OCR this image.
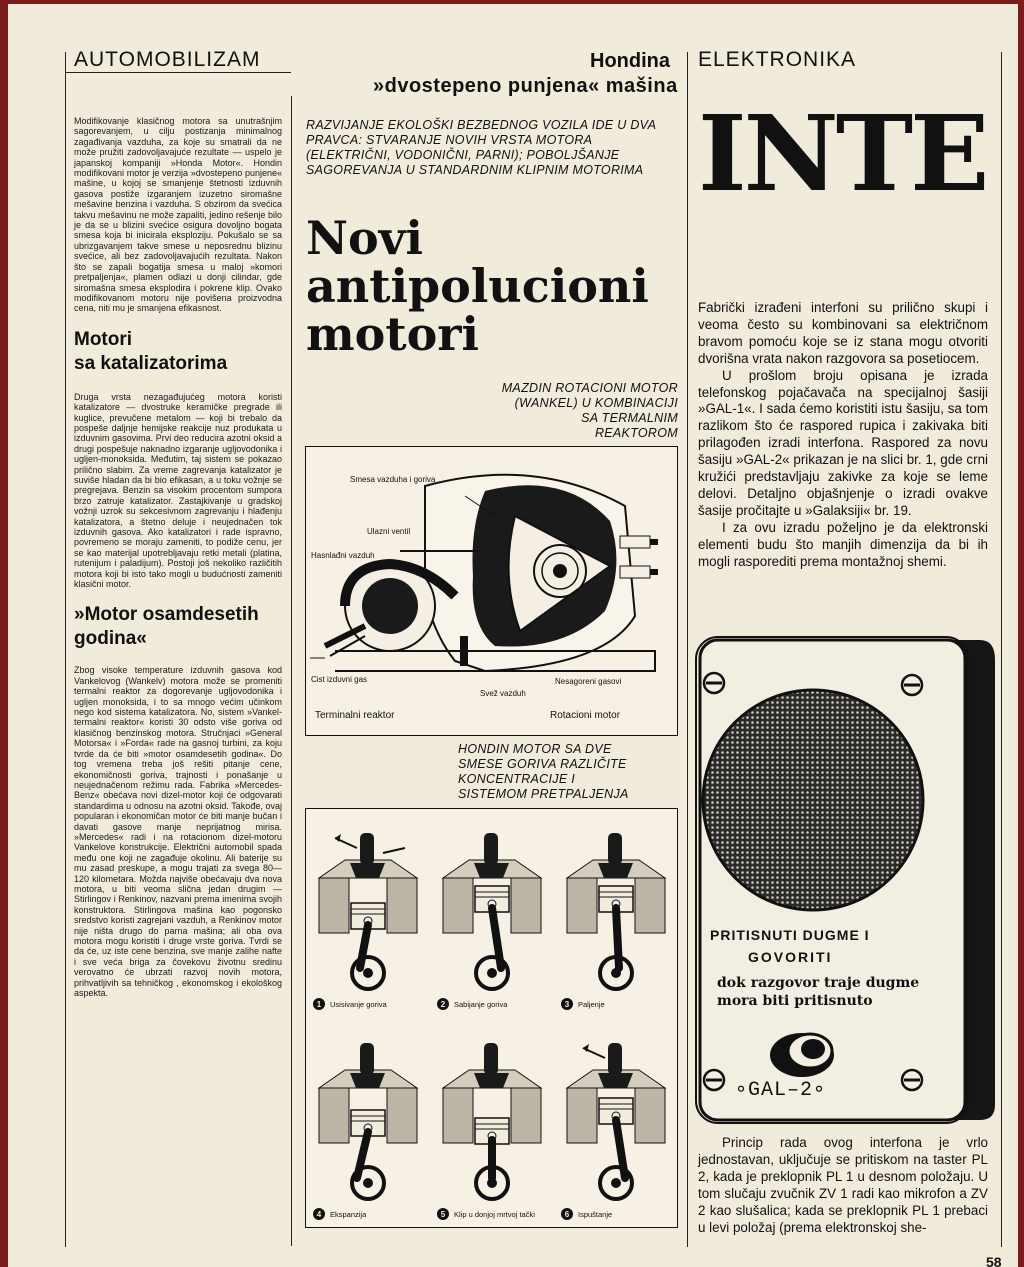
AUTOMOBILIZAM	Hondina
»dvostepeno punjena« mašina
ELEKTRONIKA

Modifikovanje klasičnog motora sa unutrašnjim sagorevanjem, u cilju postizanja minimalnog zagađivanja vazduha, za koje su smatrali da ne može pružiti zadovoljavajuće rezultate — uspelo je japanskoj kompaniji »Honda Motor«. Hondin modifikovani motor je verzija »dvostepeno punjene« mašine, u kojoj se smanjenje štetnosti izduvnih gasova postiže izgaranjem izuzetno siromašne mešavine benzina i vazduha. S obzirom da svećica takvu mešavinu ne može zapaliti, jedino rešenje bilo je da se u blizini svećice osigura dovoljno bogata smesa koja bi inicirala eksploziju. Pokušalo se sa ubrizgavanjem takve smese u neposrednu blizinu svećice, ali bez zadovoljavajućih rezultata. Nakon što se zapali bogatija smesa u maloj »komori pretpaljenja«, plamen odlazi u donji cilindar, gde siromašna smesa eksplodira i pokrene klip. Ovako modifikovanom motoru nije povišena proizvodna cena, niti mu je smanjena efikasnost.

Motori
sa katalizatorima

Druga vrsta nezagađujućeg motora koristi katalizatore — dvostruke keramičke pregrade ili kuglice, prevučene metalom — koji bi trebalo da pospeše daljnje hemijske reakcije nuz produkata u izduvnim gasovima. Prvi deo reducira azotni oksid a drugi pospešuje naknadno izgaranje ugljovodonika i ugljen-monoksida. Međutim, taj sistem se pokazao prilično slabim. Za vreme zagrevanja katalizator je suviše hladan da bi bio efikasan, a u toku vožnje se pregrejava. Benzin sa visokim procentom sumpora brzo zatruje katalizator. Zastajkivanje u gradskoj vožnji uzrok su sekcesivnom zagrevanju i hlađenju katalizatora, a štetno deluje i neujednačen tok izduvnih gasova. Ako katalizatori i rade ispravno, povremeno se moraju zameniti, to podiže cenu, jer se kao materijal upotrebljavaju retki metali (platina, rutenijum i paladijum). Postoji još nekoliko različitih motora koji bi isto tako mogli u budućnosti zameniti klasični motor.

»Motor osamdesetih
godina«

Zbog visoke temperature izduvnih gasova kod Vankelovog (Wankelv) motora može se promeniti termalni reaktor za dogorevanje ugljovodonika i ugljen monoksida, i to sa mnogo većim učinkom nego kod sistema katalizatora. No, sistem »Vankel-termalni reaktor« koristi 30 odsto više goriva od klasičnog benzinskog motora. Stručnjaci »General Motorsa« i »Forda« rade na gasnoj turbini, za koju tvrde da će biti »motor osamdesetih godina«. Do tog vremena treba još rešiti pitanje cene, ekonomičnosti goriva, trajnosti i ponašanje u neujednačenom režimu rada. Fabrika »Mercedes-Benz« obećava novi dizel-motor koji će odgovarati standardima u odnosu na azotni oksid. Takođe, ovaj popularan i ekonomičan motor će biti manje bučan i davati gasove manje neprijatnog mirisa. »Mercedes« radi i na rotacionom dizel-motoru Vankelove konstrukcije. Električni automobil spada među one koji ne zagađuje okolinu. Ali baterije su mu zasad preskupe, a mogu trajati za svega 80—120 kilometara. Možda najviše obećavaju dva nova motora, u biti veoma slična jedan drugim — Stirlingov i Renkinov, nazvani prema imenima svojih konstruktora. Stirlingova mašina kao pogonsko sredstvo koristi zagrejani vazduh, a Renkinov motor nije ništa drugo do parna mašina; ali oba ova motora mogu koristiti i druge vrste goriva. Tvrdi se da će, uz iste cene benzina, sve manje zalihe nafte i sve veća briga za čovekovu životnu sredinu verovatno će ubrzati razvoj novih motora, prihvatljivih sa tehničkog , ekonomskog i ekološkog aspekta.

RAZVIJANJE EKOLOŠKI BEZBEDNOG VOZILA IDE U DVA PRAVCA: STVARANJE NOVIH VRSTA MOTORA (ELEKTRIČNI, VODONIČNI, PARNI); POBOLJŠANJE SAGOREVANJA U STANDARDNIM KLIPNIM MOTORIMA

Novi

antipolucioni

motori

MAZDIN ROTACIONI MOTOR

(WANKEL) U KOMBINACIJI

SA TERMALNIM

REAKTOROM

Smesa vazduha i goriva
Ulazni ventil
Hasnlađni vazduh
Cist izduvni gas
Svež vazduh
Nesagoreni gasovi
Terminalni reaktor	Rotacioni motor

HONDIN MOTOR SA DVE

SMESE GORIVA RAZLIČITE

KONCENTRACIJE I

SISTEMOM PRETPALJENJA

1 Usisivanje goriva	2 Sabijanje goriva	3 Paljenje
4 Ekspanzija	5 Klip u donjoj mrtvoj tački	6 Ispuštanje
INTE

Fabrički izrađeni interfoni su prilično skupi i veoma često su kombinovani sa električnom bravom pomoću koje se iz stana mogu otvoriti dvorišna vrata nakon razgovora sa posetiocem.

U prošlom broju opisana je izrada telefonskog pojačavača na specijalnoj šasiji »GAL-1«. I sada ćemo koristiti istu šasiju, sa tom razlikom što će raspored rupica i zakivaka biti prilagođen izradi interfona. Raspored za novu šasiju »GAL-2« prikazan je na slici br. 1, gde crni kružići predstavljaju zakivke za koje se leme delovi. Detaljno objašnjenje o izradi ovakve šasije pročitajte u »Galaksiji« br. 19.

I za ovu izradu poželjno je da elektronski elementi budu što manjih dimenzija da bi ih mogli rasporediti prema montažnoj shemi.

PRITISNUTI DUGME I
GOVORITI
dok razgovor traje dugme
mora biti pritisnuto
∘GAL–2∘

Princip rada ovog interfona je vrlo jednostavan, uključuje se pritiskom na taster PL 2, kada je preklopnik PL 1 u desnom položaju. U tom slučaju zvučnik ZV 1 radi kao mikrofon a ZV 2 kao slušalica; kada se preklopnik PL 1 prebaci u levi položaj (prema elektronskoj she-

58
